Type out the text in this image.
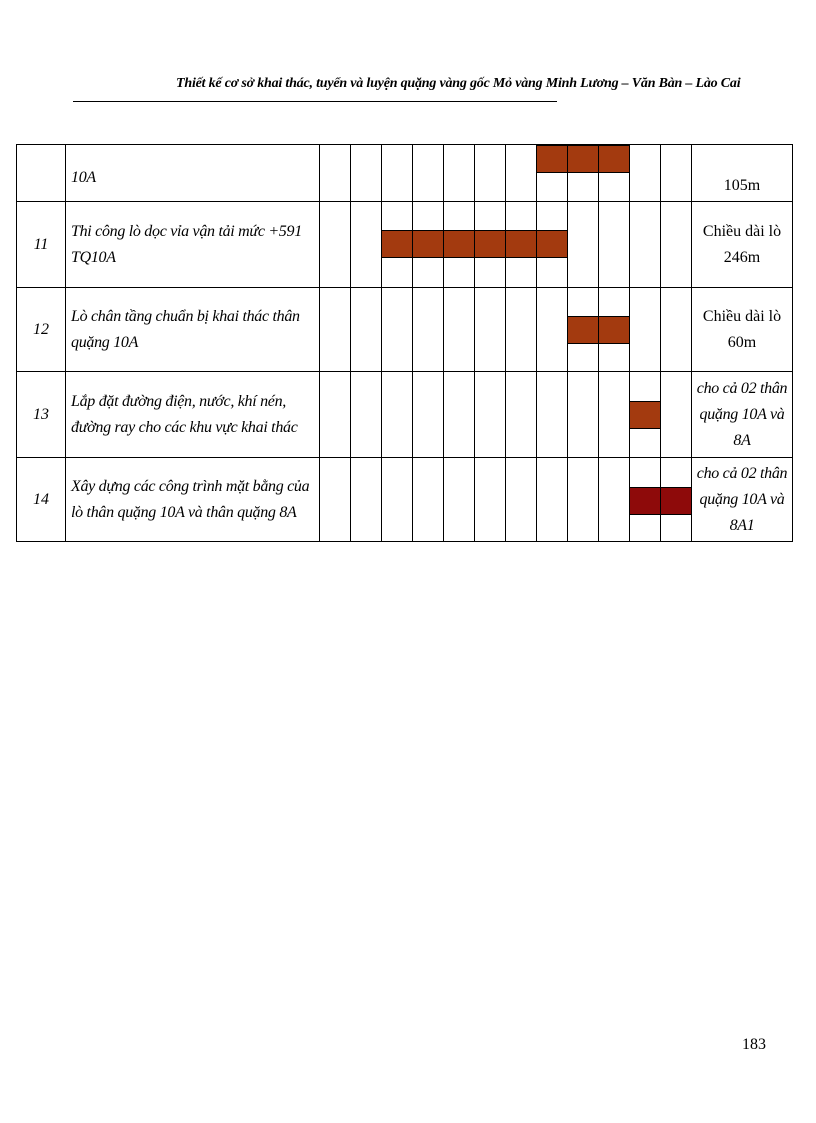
Thiết kế cơ sở khai thác, tuyển và luyện quặng vàng gốc Mỏ vàng Minh Lương – Văn Bàn – Lào Cai

	10A													105m

11	Thi công lò dọc vỉa vận tải mức +591 TQ10A													Chiều dài lò 246m
12	Lò chân tầng chuẩn bị khai thác thân quặng 10A													Chiều dài lò 60m
13	Lắp đặt đường điện, nước, khí nén, đường ray cho các khu vực khai thác													cho cả 02 thân quặng 10A và 8A
14	Xây dựng các công trình mặt bằng của lò thân quặng 10A và thân quặng 8A													cho cả 02 thân quặng 10A và 8A1
183
